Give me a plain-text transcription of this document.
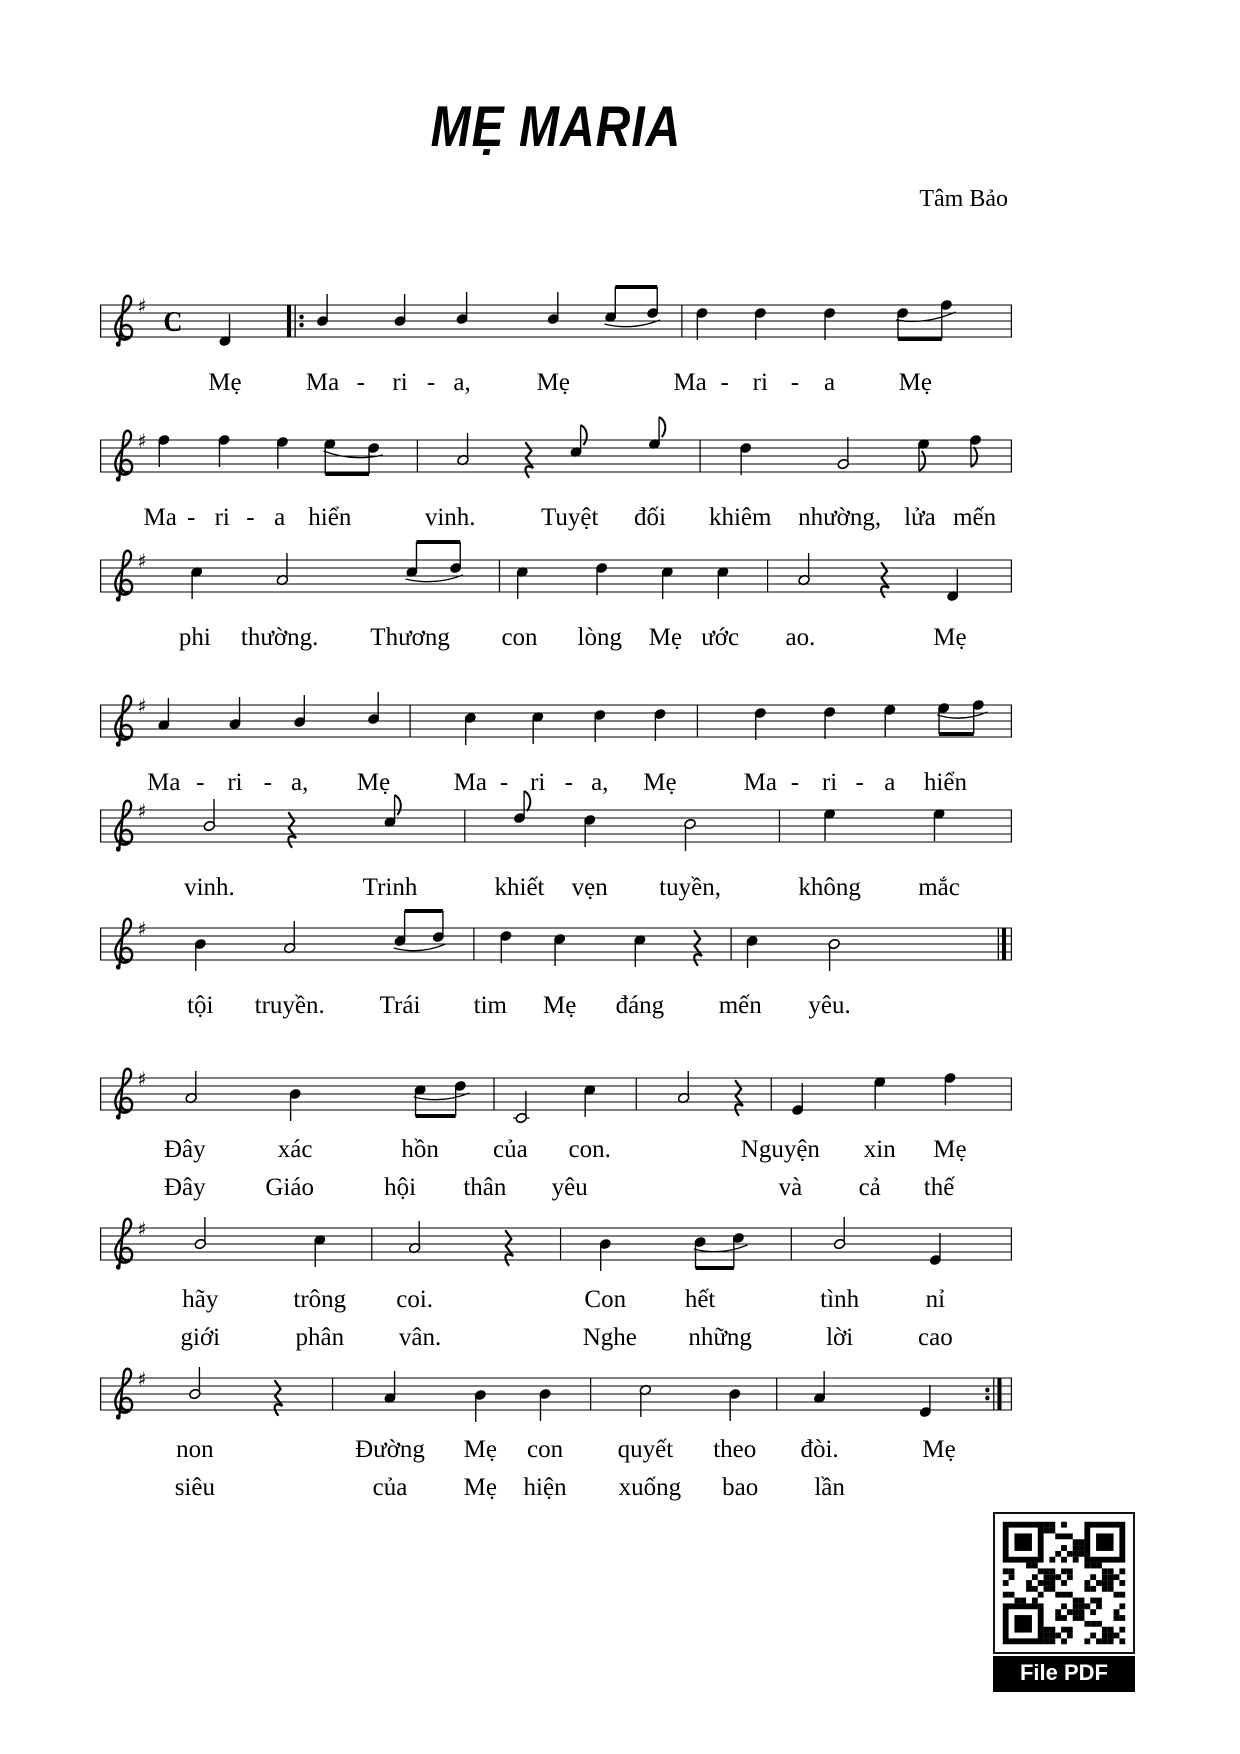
MẸ MARIA
Tâm Bảo
♯ C
Mẹ	Ma - ri - a,	Mẹ	Ma - ri - a	Mẹ
♯
Ma - ri - a hiển	vinh.	Tuyệt đối khiêm nhường, lửa mến
♯
phi thường. Thương con lòng Mẹ ước ao.	Mẹ
♯
Ma - ri - a, Mẹ	Ma - ri - a, Mẹ	Ma - ri - a hiển
♯
vinh.	Trinh	khiết vẹn tuyền,	không mắc
♯
tội truyền. Trái tim Mẹ đáng mến yêu.
♯
Đây	xác	hồn của con.	Nguyện xin Mẹ
Đây Giáo	hội thân yêu	và cả thế
♯
hãy	trông coi.	Con hết	tình	nỉ
giới	phân vân.	Nghe những	lời	cao
♯
non	Đường Mẹ con quyết theo đòi.	Mẹ
siêu	của Mẹ hiện xuống bao lần
File PDF
